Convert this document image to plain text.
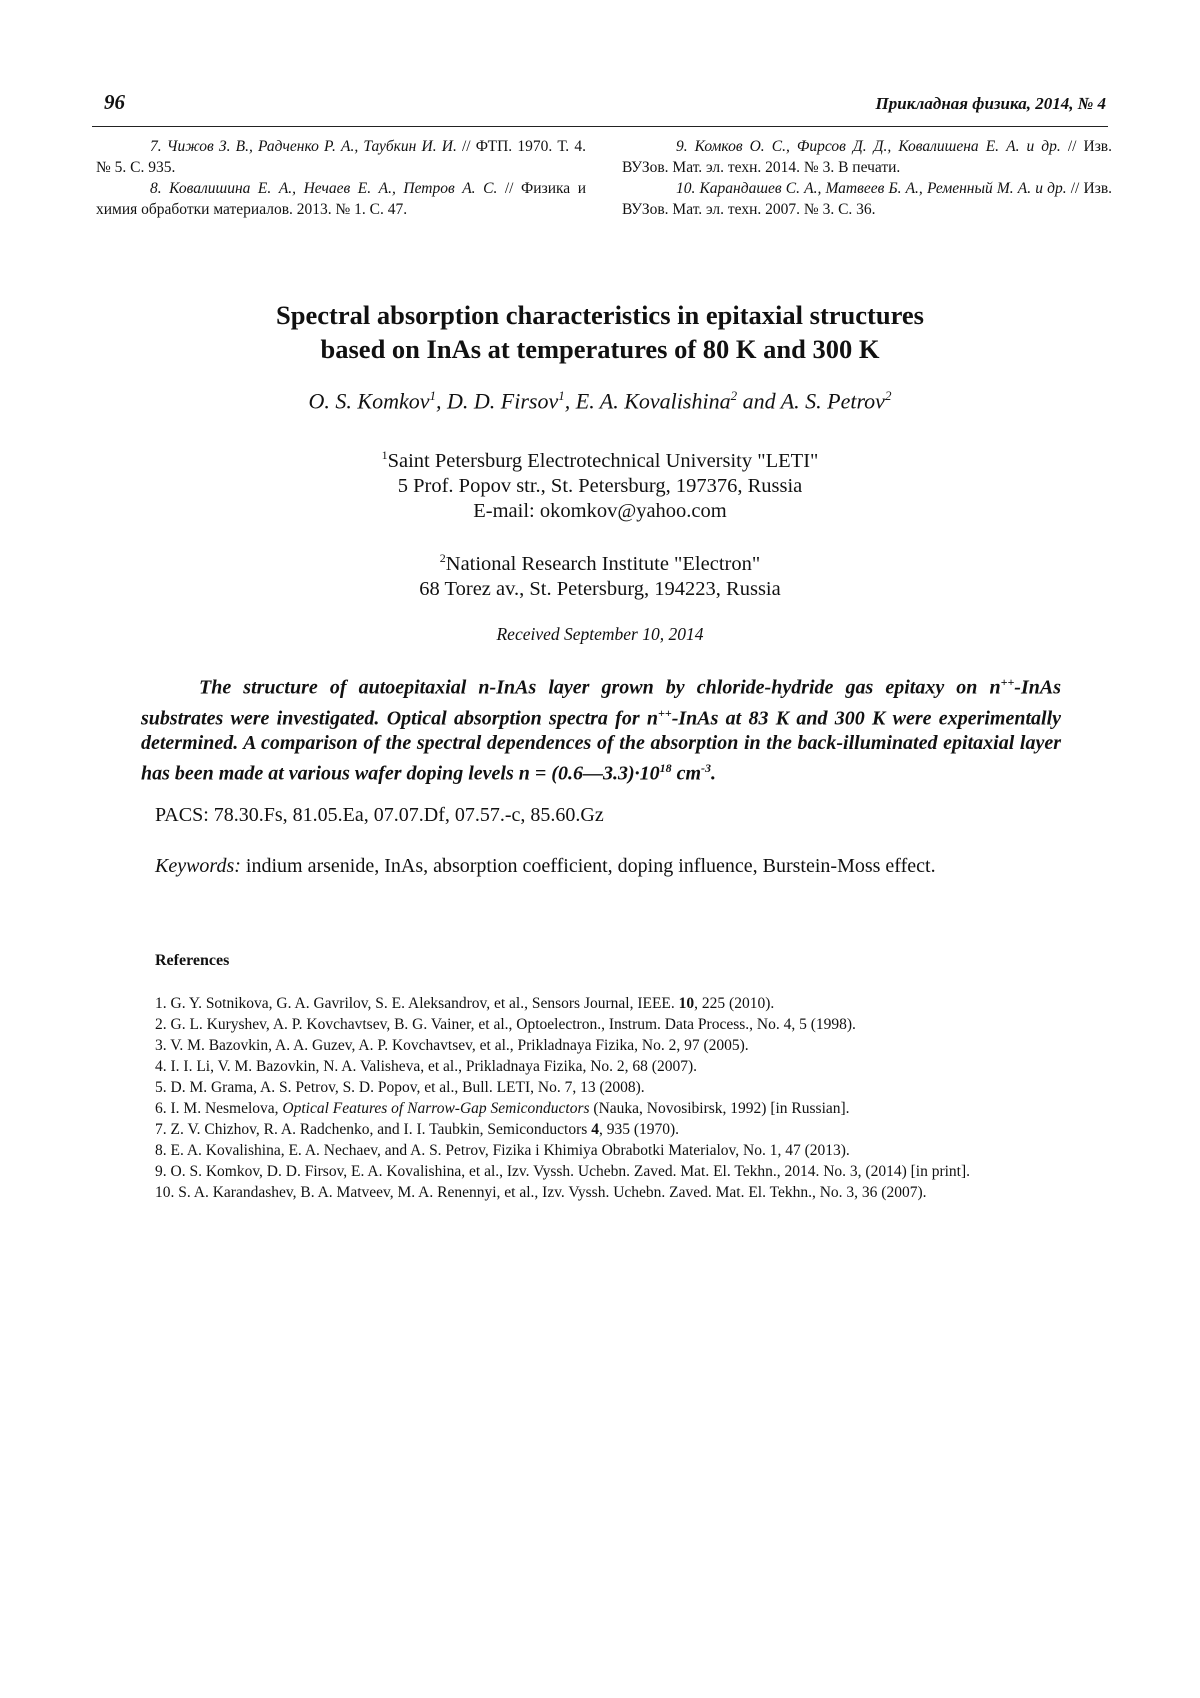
96	Прикладная физика, 2014, № 4

7. Чижов З. В., Радченко Р. А., Таубкин И. И. // ФТП. 1970. Т. 4. № 5. С. 935.

8. Ковалишина Е. А., Нечаев Е. А., Петров А. С. // Физика и химия обработки материалов. 2013. № 1. С. 47.

9. Комков О. С., Фирсов Д. Д., Ковалишена Е. А. и др. // Изв. ВУЗов. Мат. эл. техн. 2014. № 3. В печати.

10. Карандашев С. А., Матвеев Б. А., Ременный М. А. и др. // Изв. ВУЗов. Мат. эл. техн. 2007. № 3. С. 36.

Spectral absorption characteristics in epitaxial structures
based on InAs at temperatures of 80 K and 300 K
O. S. Komkov$^1$, D. D. Firsov$^1$, E. A. Kovalishina$^2$ and A. S. Petrov$^2$
$^1$Saint Petersburg Electrotechnical University "LETI"
5 Prof. Popov str., St. Petersburg, 197376, Russia
E-mail: okomkov@yahoo.com
$^2$National Research Institute "Electron"
68 Torez av., St. Petersburg, 194223, Russia
Received September 10, 2014

The structure of autoepitaxial n-InAs layer grown by chloride-hydride gas epitaxy on n++-InAs substrates were investigated. Optical absorption spectra for n++-InAs at 83 K and 300 K were experimentally determined. A comparison of the spectral dependences of the absorption in the back-illuminated epitaxial layer has been made at various wafer doping levels $n = (0.6—3.3)\cdot 10^{18}$ $cm^{-3}$.

PACS: 78.30.Fs, 81.05.Ea, 07.07.Df, 07.57.-c, 85.60.Gz
Keywords: indium arsenide, InAs, absorption coefficient, doping influence, Burstein-Moss effect.
References
1. G. Y. Sotnikova, G. A. Gavrilov, S. E. Aleksandrov, et al., Sensors Journal, IEEE. 10, 225 (2010).
2. G. L. Kuryshev, A. P. Kovchavtsev, B. G. Vainer, et al., Optoelectron., Instrum. Data Process., No. 4, 5 (1998).
3. V. M. Bazovkin, A. A. Guzev, A. P. Kovchavtsev, et al., Prikladnaya Fizika, No. 2, 97 (2005).
4. I. I. Li, V. M. Bazovkin, N. A. Valisheva, et al., Prikladnaya Fizika, No. 2, 68 (2007).
5. D. M. Grama, A. S. Petrov, S. D. Popov, et al., Bull. LETI, No. 7, 13 (2008).
6. I. M. Nesmelova, Optical Features of Narrow-Gap Semiconductors (Nauka, Novosibirsk, 1992) [in Russian].
7. Z. V. Chizhov, R. A. Radchenko, and I. I. Taubkin, Semiconductors 4, 935 (1970).
8. E. A. Kovalishina, E. A. Nechaev, and A. S. Petrov, Fizika i Khimiya Obrabotki Materialov, No. 1, 47 (2013).
9. O. S. Komkov, D. D. Firsov, E. A. Kovalishina, et al., Izv. Vyssh. Uchebn. Zaved. Mat. El. Tekhn., 2014. No. 3, (2014) [in print].
10. S. A. Karandashev, B. A. Matveev, M. A. Renennyi, et al., Izv. Vyssh. Uchebn. Zaved. Mat. El. Tekhn., No. 3, 36 (2007).
